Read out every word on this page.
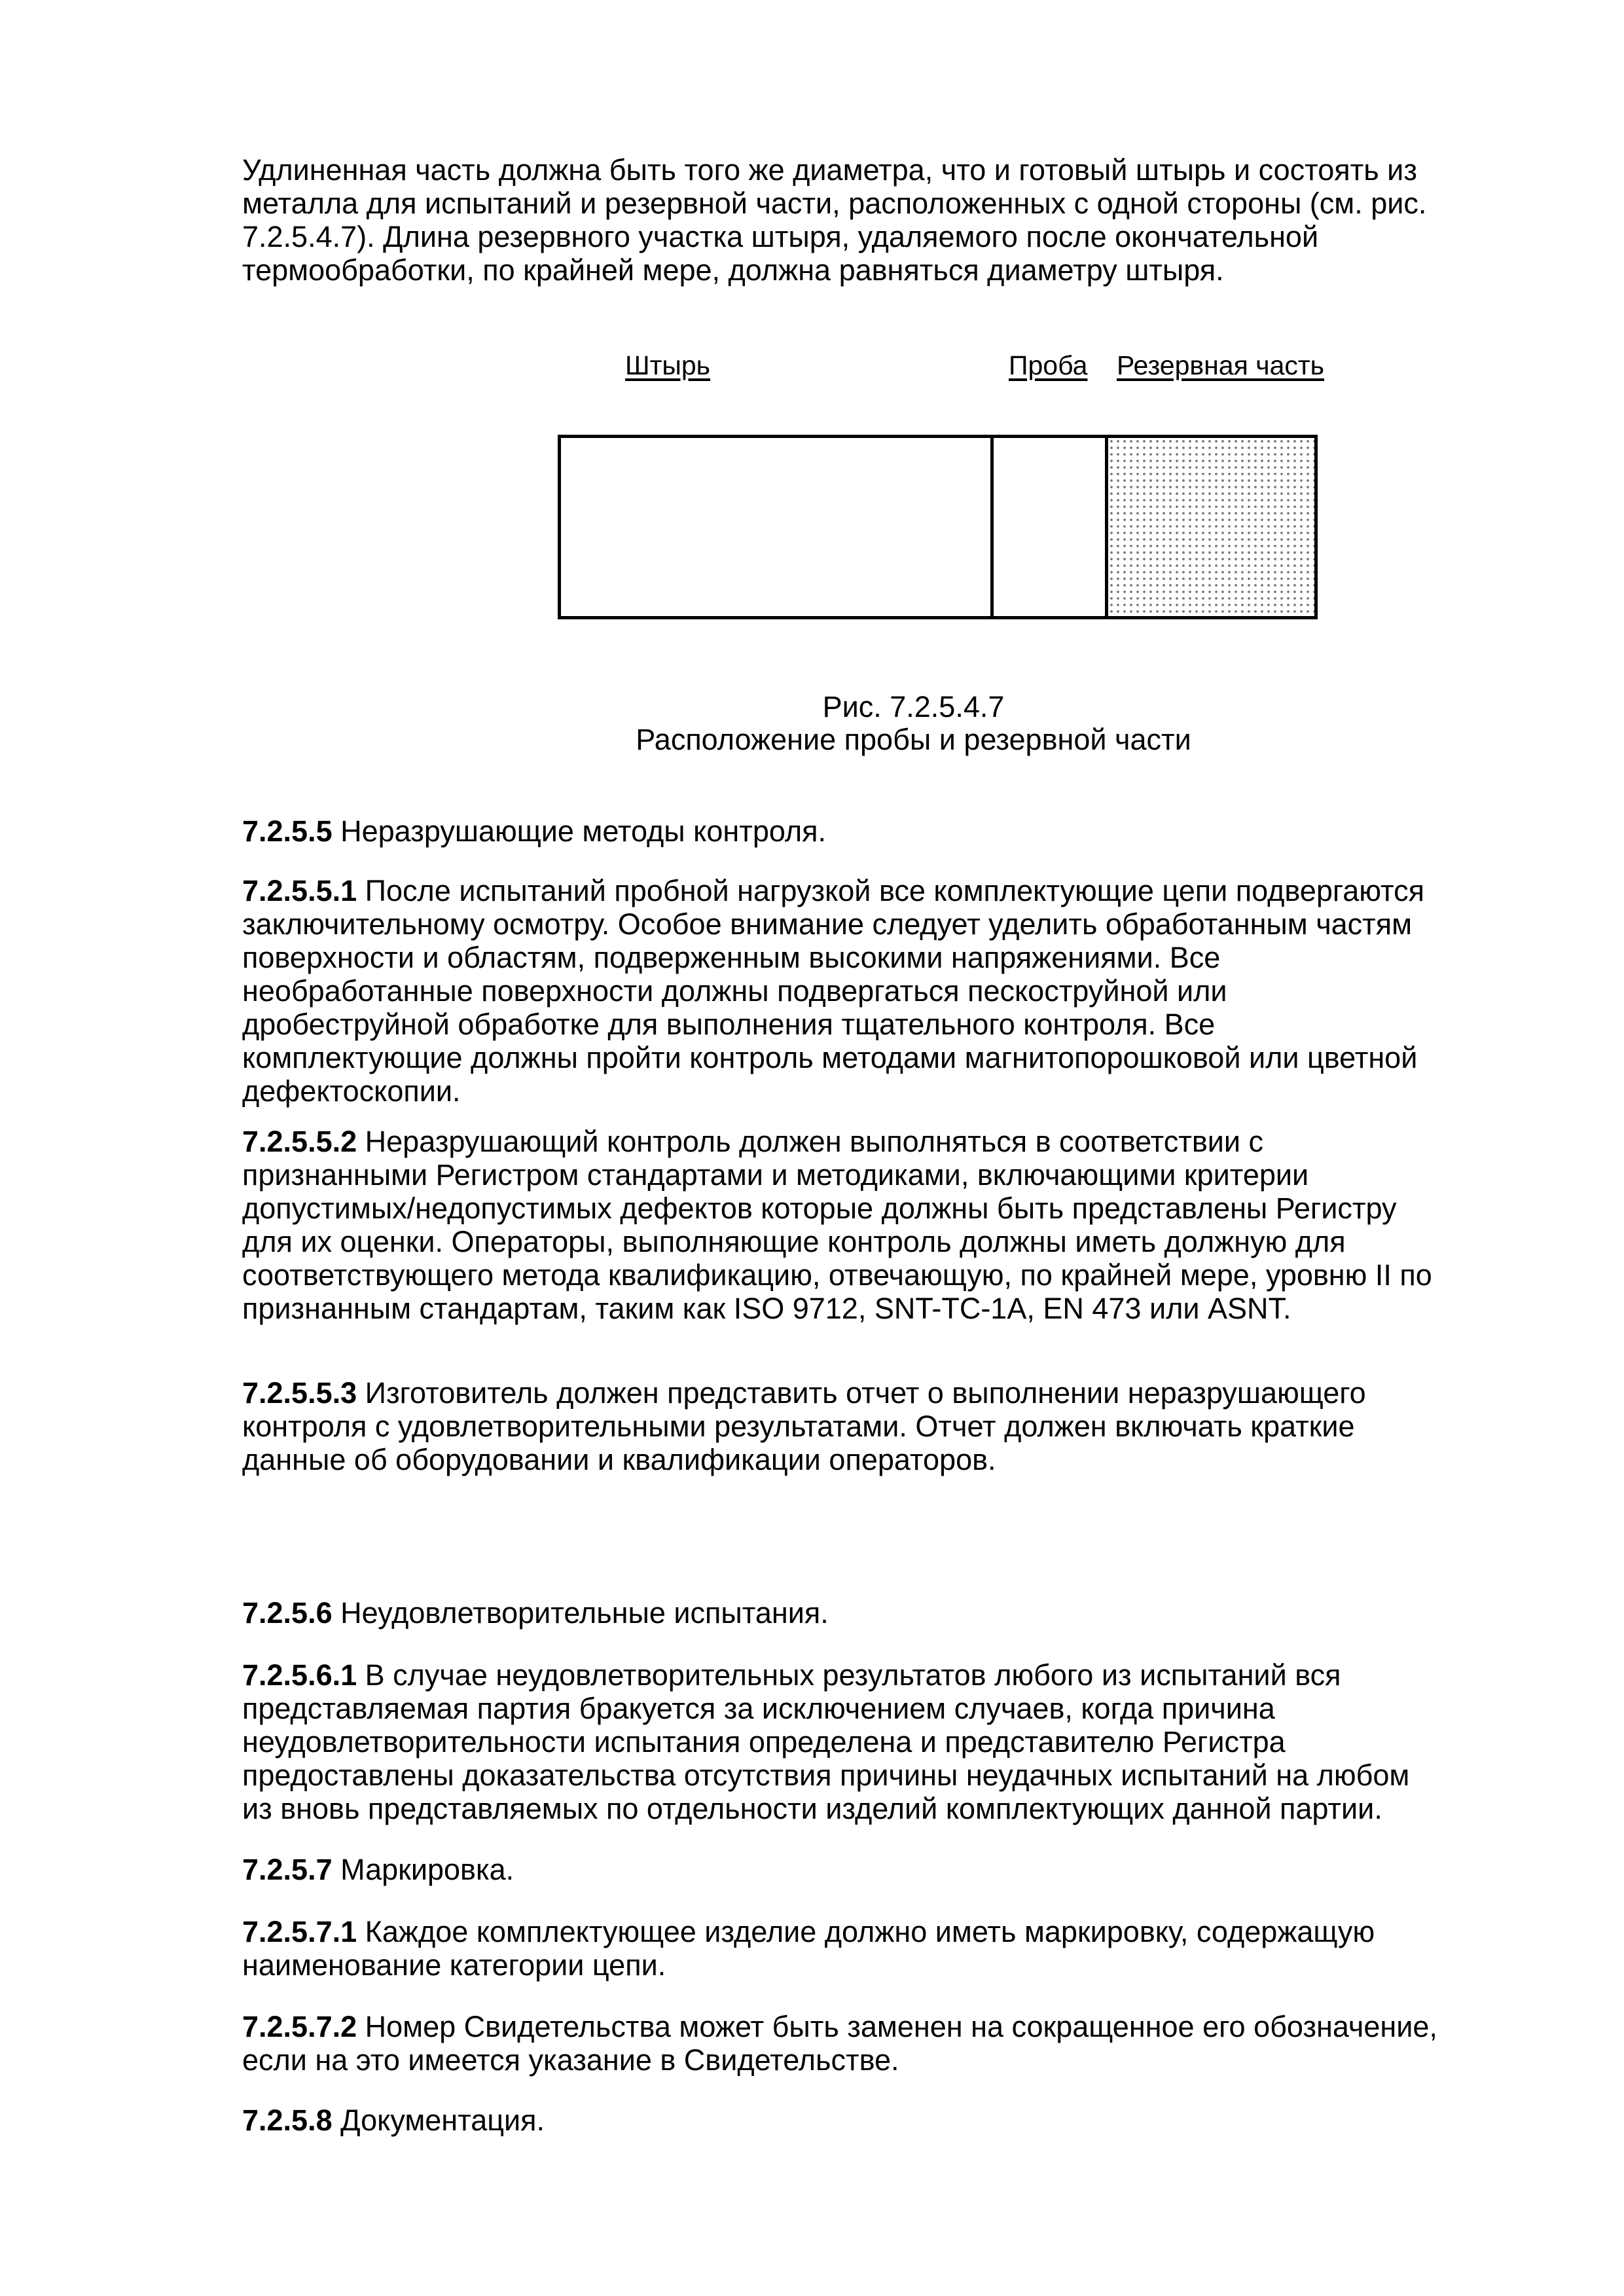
Удлиненная часть должна быть того же диаметра, что и готовый штырь и состоять из металла для испытаний и резервной части, расположенных с одной стороны (см. рис. 7.2.5.4.7). Длина резервного участка штыря, удаляемого после окончательной термообработки, по крайней мере, должна равняться диаметру штыря.

Штырь	Проба Резервная часть
Рис. 7.2.5.4.7
Расположение пробы и резервной части

7.2.5.5 Неразрушающие методы контроля.

7.2.5.5.1 После испытаний пробной нагрузкой все комплектующие цепи подвергаются заключительному осмотру. Особое внимание следует уделить обработанным частям поверхности и областям, подверженным высокими напряжениями. Все необработанные поверхности должны подвергаться пескоструйной или дробеструйной обработке для выполнения тщательного контроля. Все комплектующие должны пройти контроль методами магнитопорошковой или цветной дефектоскопии.

7.2.5.5.2 Неразрушающий контроль должен выполняться в соответствии с признанными Регистром стандартами и методиками, включающими критерии допустимых/недопустимых дефектов которые должны быть представлены Регистру для их оценки. Операторы, выполняющие контроль должны иметь должную для соответствующего метода квалификацию, отвечающую, по крайней мере, уровню II по признанным стандартам, таким как ISO 9712, SNT-TC-1A, EN 473 или ASNT.

7.2.5.5.3 Изготовитель должен представить отчет о выполнении неразрушающего контроля с удовлетворительными результатами. Отчет должен включать краткие данные об оборудовании и квалификации операторов.

7.2.5.6 Неудовлетворительные испытания.

7.2.5.6.1 В случае неудовлетворительных результатов любого из испытаний вся представляемая партия бракуется за исключением случаев, когда причина неудовлетворительности испытания определена и представителю Регистра предоставлены доказательства отсутствия причины неудачных испытаний на любом из вновь представляемых по отдельности изделий комплектующих данной партии.

7.2.5.7 Маркировка.

7.2.5.7.1 Каждое комплектующее изделие должно иметь маркировку, содержащую наименование категории цепи.

7.2.5.7.2 Номер Свидетельства может быть заменен на сокращенное его обозначение, если на это имеется указание в Свидетельстве.

7.2.5.8 Документация.
